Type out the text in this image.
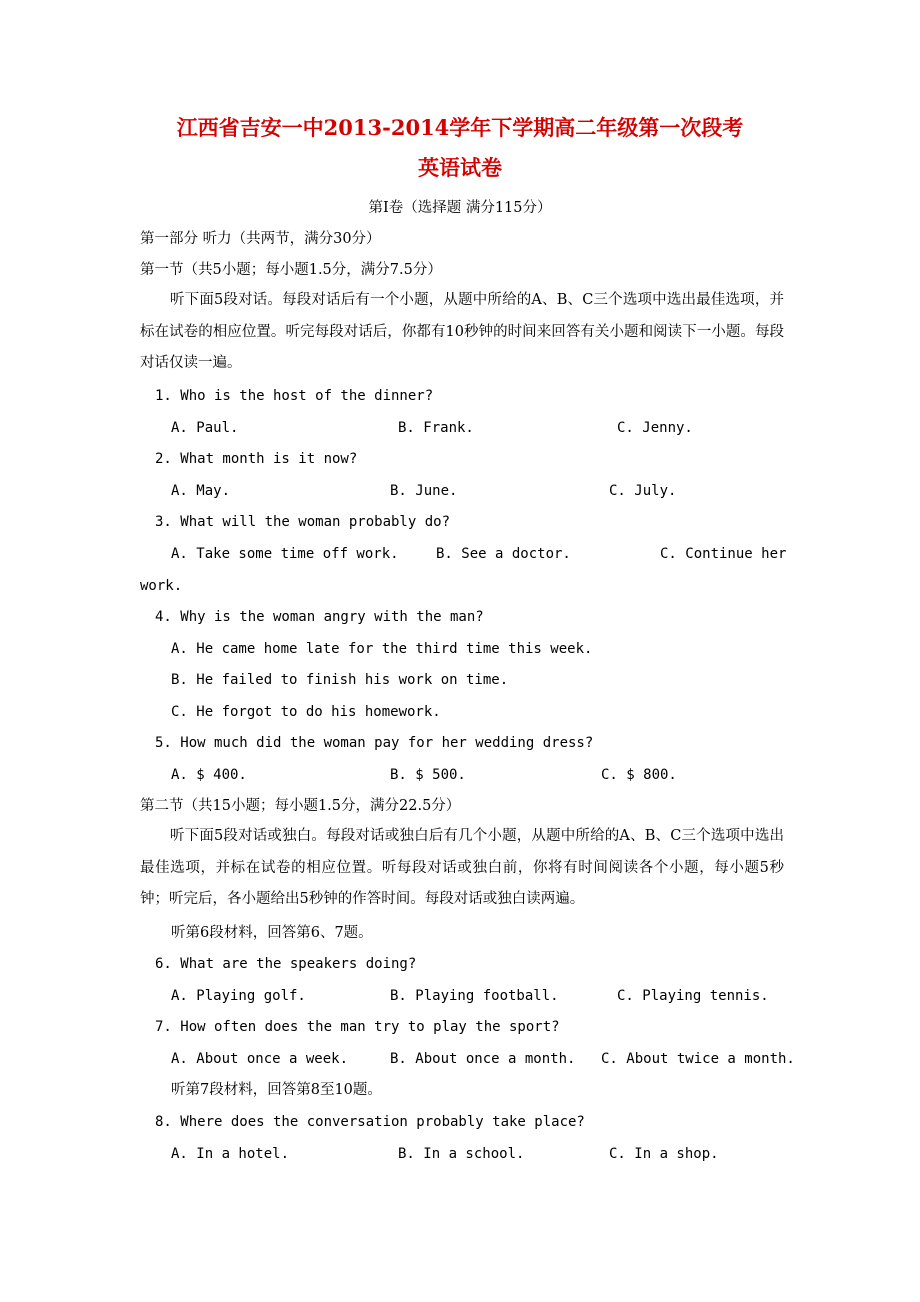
江西省吉安一中2013-2014学年下学期高二年级第一次段考
英语试卷
第I卷（选择题 满分115分）
第一部分 听力（共两节，满分30分）
第一节（共5小题；每小题1.5分，满分7.5分）
听下面5段对话。每段对话后有一个小题，从题中所给的A、B、C三个选项中选出最佳选项，并标在试卷的相应位置。听完每段对话后，你都有10秒钟的时间来回答有关小题和阅读下一小题。每段对话仅读一遍。
1. Who is the host of the dinner?
A. Paul.	B. Frank.	C. Jenny.
2. What month is it now?
A. May.	B. June.	C. July.
3. What will the woman probably do?
A. Take some time off work.	B. See a doctor.	C. Continue her
work.
4. Why is the woman angry with the man?
A. He came home late for the third time this week.
B. He failed to finish his work on time.
C. He forgot to do his homework.
5. How much did the woman pay for her wedding dress?
A. $ 400.	B. $ 500.	C. $ 800.
第二节（共15小题；每小题1.5分，满分22.5分）
听下面5段对话或独白。每段对话或独白后有几个小题，从题中所给的A、B、C三个选项中选出最佳选项，并标在试卷的相应位置。听每段对话或独白前，你将有时间阅读各个小题，每小题5秒钟；听完后，各小题给出5秒钟的作答时间。每段对话或独白读两遍。
听第6段材料，回答第6、7题。
6. What are the speakers doing?
A. Playing golf.	B. Playing football.	C. Playing tennis.
7. How often does the man try to play the sport?
A. About once a week.	B. About once a month. C. About twice a month.
听第7段材料，回答第8至10题。
8. Where does the conversation probably take place?
A. In a hotel.	B. In a school.	C. In a shop.
